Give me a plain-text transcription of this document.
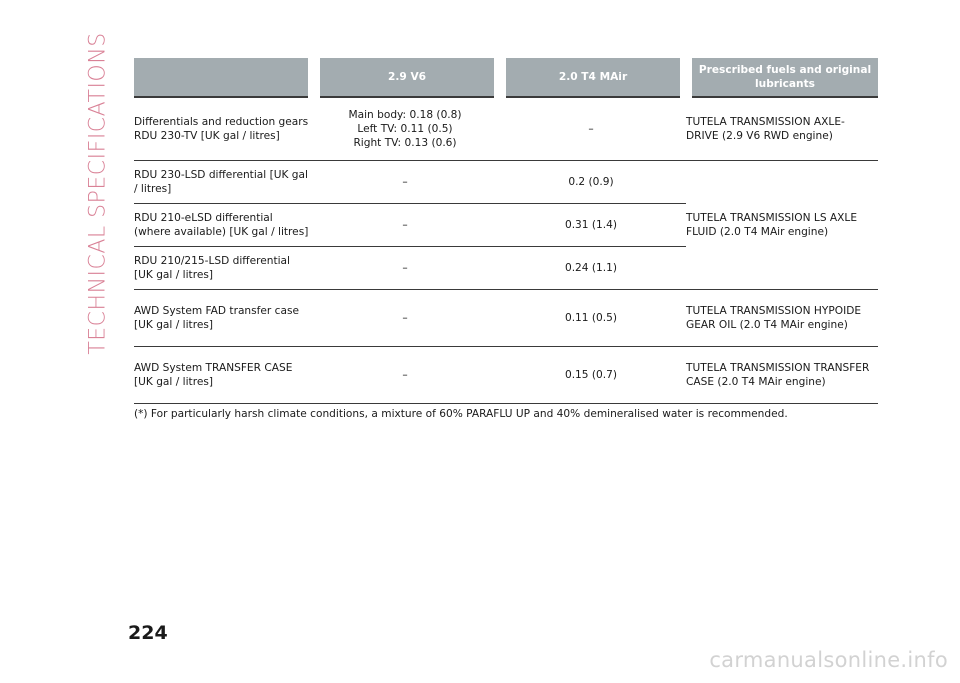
TECHNICAL SPECIFICATIONS
		2.9 V6	2.0 T4 MAir	Prescribed fuels and original lubricants
Differentials and reduction gears RDU 230-TV [UK gal / litres]	Main body: 0.18 (0.8)
Left TV: 0.11 (0.5)
Right TV: 0.13 (0.6)	–	TUTELA TRANSMISSION AXLE-DRIVE (2.9 V6 RWD engine)
RDU 230-LSD differential [UK gal / litres]	–	0.2 (0.9)	TUTELA TRANSMISSION LS AXLE FLUID (2.0 T4 MAir engine)
RDU 210-eLSD differential (where available) [UK gal / litres]	–	0.31 (1.4)	
RDU 210/215-LSD differential [UK gal / litres]	–	0.24 (1.1)	
AWD System FAD transfer case [UK gal / litres]	–	0.11 (0.5)	TUTELA TRANSMISSION HYPOIDE GEAR OIL (2.0 T4 MAir engine)
AWD System TRANSFER CASE [UK gal / litres]	–	0.15 (0.7)	TUTELA TRANSMISSION TRANSFER CASE (2.0 T4 MAir engine)
(*) For particularly harsh climate conditions, a mixture of 60% PARAFLU UP and 40% demineralised water is recommended.
224
carmanualsonline.info
